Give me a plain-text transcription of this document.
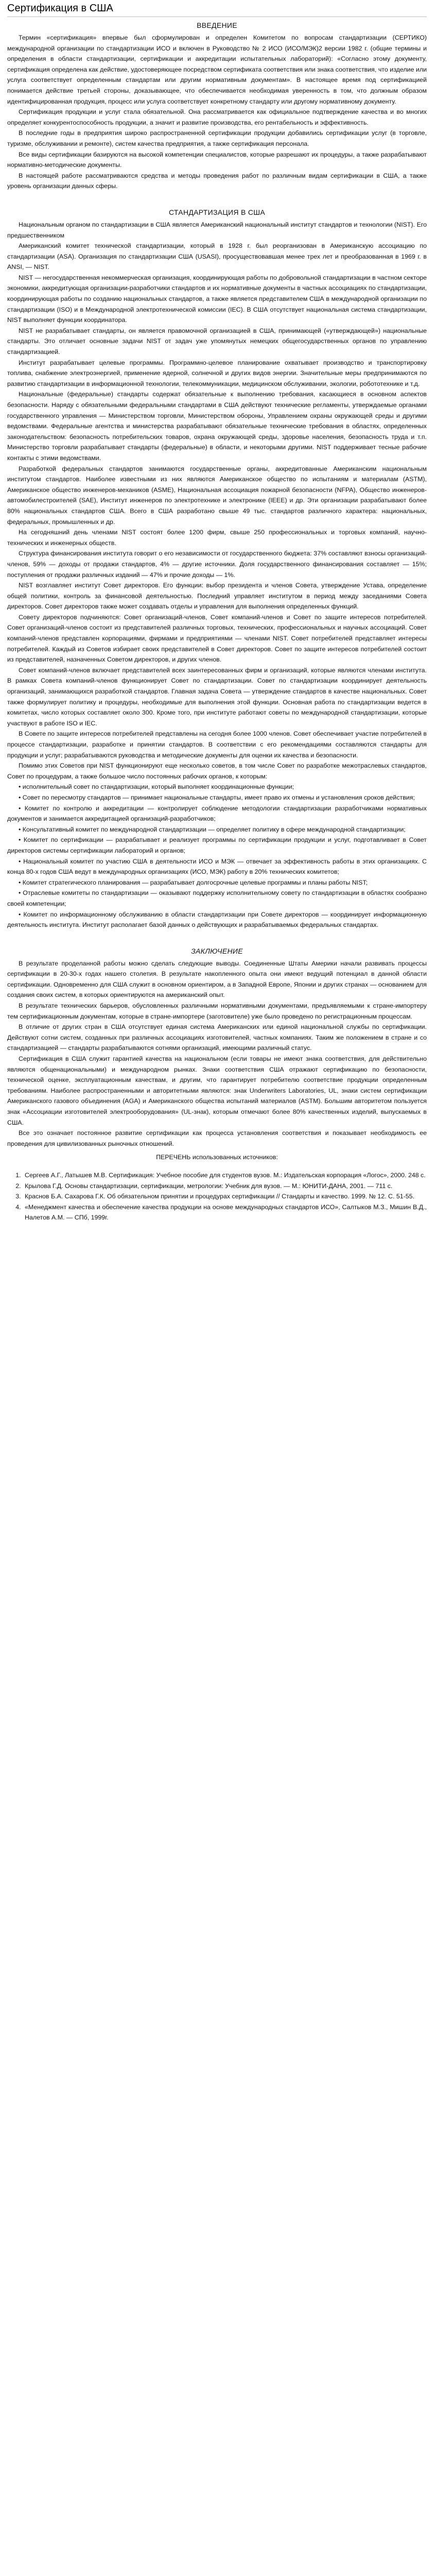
Сертификация в США
ВВЕДЕНИЕ

Термин «сертификация» впервые был сформулирован и определен Комитетом по вопросам стандартизации (СЕРТИКО) международной организации по стандартизации ИСО и включен в Руководство № 2 ИСО (ИСО/МЭК)2 версии 1982 г. (общие термины и определения в области стандартизации, сертификации и аккредитации испытательных лабораторий): «Согласно этому документу, сертификация определена как действие, удостоверяющее посредством сертификата соответствия или знака соответствия, что изделие или услуга соответствует определенным стандартам или другим нормативным документам». В настоящее время под сертификацией понимается действие третьей стороны, доказывающее, что обеспечивается необходимая уверенность в том, что должным образом идентифицированная продукция, процесс или услуга соответствует конкретному стандарту или другому нормативному документу.

Сертификация продукции и услуг стала обязательной. Она рассматривается как официальное подтверждение качества и во многих определяет конкурентоспособность продукции, а значит и развитие производства, его рентабельность и эффективность.

В последние годы в предприятия широко распространенной сертификации продукции добавились сертификации услуг (в торговле, туризме, обслуживании и ремонте), систем качества предприятия, а также сертификация персонала.

Все виды сертификации базируются на высокой компетенции специалистов, которые разрешают их процедуры, а также разрабатывают нормативно-методические документы.

В настоящей работе рассматриваются средства и методы проведения работ по различным видам сертификации в США, а также уровень организации данных сферы.

СТАНДАРТИЗАЦИЯ В США

Национальным органом по стандартизации в США является Американский национальный институт стандартов и технологии (NIST). Его предшественником

Американский комитет технической стандартизации, который в 1928 г. был реорганизован в Американскую ассоциацию по стандартизации (ASA). Организация по стандартизации США (USASI), просуществовавшая менее трех лет и преобразованная в 1969 г. в ANSI, — NIST.

NIST — негосударственная некоммерческая организация, координирующая работы по добровольной стандартизации в частном секторе экономики, аккредитующая организации-разработчики стандартов и их нормативные документы в частных ассоциациях по стандартизации, координирующая работы по созданию национальных стандартов, а также является представителем США в международной организации по стандартизации (ISO) и в Международной электротехнической комиссии (IEC). В США отсутствует национальная система стандартизации, NIST выполняет функции координатора.

NIST не разрабатывает стандарты, он является правомочной организацией в США, принимающей («утверждающей») национальные стандарты. Это отличает основные задачи NIST от задач уже упомянутых немецких общегосударственных органов по управлению стандартизацией.

Институт разрабатывает целевые программы. Программно-целевое планирование охватывает производство и транспортировку топлива, снабжение электроэнергией, применение ядерной, солнечной и других видов энергии. Значительные меры предпринимаются по развитию стандартизации в информационной технологии, телекоммуникации, медицинском обслуживании, экологии, робототехнике и т.д.

Национальные (федеральные) стандарты содержат обязательные к выполнению требования, касающиеся в основном аспектов безопасности. Наряду с обязательными федеральными стандартами в США действуют технические регламенты, утверждаемые органами государственного управления — Министерством торговли, Министерством обороны, Управлением охраны окружающей среды и другими ведомствами. Федеральные агентства и министерства разрабатывают обязательные технические требования в областях, определенных законодательством: безопасность потребительских товаров, охрана окружающей среды, здоровье населения, безопасность труда и т.п. Министерство торговли разрабатывает стандарты (федеральные) в области, и некоторыми другими. NIST поддерживает тесные рабочие контакты с этими ведомствами.

Разработкой федеральных стандартов занимаются государственные органы, аккредитованные Американским национальным институтом стандартов. Наиболее известными из них являются Американское общество по испытаниям и материалам (ASTM), Американское общество инженеров-механиков (ASME), Национальная ассоциация пожарной безопасности (NFPA), Общество инженеров-автомобилестроителей (SAE), Институт инженеров по электротехнике и электронике (IEEE) и др. Эти организации разрабатывают более 80% национальных стандартов США. Всего в США разработано свыше 49 тыс. стандартов различного характера: национальных, федеральных, промышленных и др.

На сегодняшний день членами NIST состоят более 1200 фирм, свыше 250 профессиональных и торговых компаний, научно-технических и инженерных обществ.

Структура финансирования института говорит о его независимости от государственного бюджета: 37% составляют взносы организаций-членов, 59% — доходы от продажи стандартов, 4% — другие источники. Доля государственного финансирования составляет — 15%; поступления от продажи различных изданий — 47% и прочие доходы — 1%.

NIST возглавляет институт Совет директоров. Его функции: выбор президента и членов Совета, утверждение Устава, определение общей политики, контроль за финансовой деятельностью. Последний управляет институтом в период между заседаниями Совета директоров. Совет директоров также может создавать отделы и управления для выполнения определенных функций.

Совету директоров подчиняются: Совет организаций-членов, Совет компаний-членов и Совет по защите интересов потребителей. Совет организаций-членов состоит из представителей различных торговых, технических, профессиональных и научных ассоциаций. Совет компаний-членов представлен корпорациями, фирмами и предприятиями — членами NIST. Совет потребителей представляет интересы потребителей. Каждый из Советов избирает своих представителей в Совет директоров. Совет по защите интересов потребителей состоит из представителей, назначенных Советом директоров, и других членов.

Совет компаний-членов включает представителей всех заинтересованных фирм и организаций, которые являются членами института. В рамках Совета компаний-членов функционирует Совет по стандартизации. Совет по стандартизации координирует деятельность организаций, занимающихся разработкой стандартов. Главная задача Совета — утверждение стандартов в качестве национальных. Совет также формулирует политику и процедуры, необходимые для выполнения этой функции. Основная работа по стандартизации ведется в комитетах, число которых составляет около 300. Кроме того, при институте работают советы по международной стандартизации, которые участвуют в работе ISO и IEC.

В Совете по защите интересов потребителей представлены на сегодня более 1000 членов. Совет обеспечивает участие потребителей в процессе стандартизации, разработке и принятии стандартов. В соответствии с его рекомендациями составляются стандарты для продукции и услуг; разрабатываются руководства и методические документы для оценки их качества и безопасности.

Помимо этих Советов при NIST функционируют еще несколько советов, в том числе Совет по разработке межотраслевых стандартов, Совет по процедурам, а также большое число постоянных рабочих органов, к которым:

• исполнительный совет по стандартизации, который выполняет координационные функции;

• Совет по пересмотру стандартов — принимает национальные стандарты, имеет право их отмены и установления сроков действия;

• Комитет по контролю и аккредитации — контролирует соблюдение методологии стандартизации разработчиками нормативных документов и занимается аккредитацией организаций-разработчиков;

• Консультативный комитет по международной стандартизации — определяет политику в сфере международной стандартизации;

• Комитет по сертификации — разрабатывает и реализует программы по сертификации продукции и услуг, подготавливает в Совет директоров системы сертификации лабораторий и органов;

• Национальный комитет по участию США в деятельности ИСО и МЭК — отвечает за эффективность работы в этих организациях. С конца 80-х годов США ведут в международных организациях (ИСО, МЭК) работу в 20% технических комитетов;

• Комитет стратегического планирования — разрабатывает долгосрочные целевые программы и планы работы NIST;

• Отраслевые комитеты по стандартизации — оказывают поддержку исполнительному совету по стандартизации в областях сообразно своей компетенции;

• Комитет по информационному обслуживанию в области стандартизации при Совете директоров — координирует информационную деятельность института. Институт располагает базой данных о действующих и разрабатываемых федеральных стандартах.

ЗАКЛЮЧЕНИЕ

В результате проделанной работы можно сделать следующие выводы. Соединенные Штаты Америки начали развивать процессы сертификации в 20-30-х годах нашего столетия. В результате накопленного опыта они имеют ведущий потенциал в данной области сертификации. Одновременно для США служит в основном ориентиром, а в Западной Европе, Японии и других странах — основанием для создания своих систем, в которых ориентируются на американский опыт.

В результате технических барьеров, обусловленных различными нормативными документами, предъявляемыми к стране-импортеру тем сертификационным документам, которые в стране-импортере (заготовителе) уже было проведено по регистрационным процессам.

В отличие от других стран в США отсутствует единая система Американских или единой национальной службы по сертификации. Действуют сотни систем, созданных при различных ассоциациях изготовителей, частных компаниях. Таким же положением в стране и со стандартизацией — стандарты разрабатываются сотнями организаций, имеющими различный статус.

Сертификация в США служит гарантией качества на национальном (если товары не имеют знака соответствия, для действительно являются общенациональными) и международном рынках. Знаки соответствия США отражают сертификацию по безопасности, технической оценке, эксплуатационным качествам, и другим, что гарантирует потребителю соответствие продукции определенным требованиям. Наиболее распространенными и авторитетными являются: знак Underwriters Laboratories, UL, знаки систем сертификации Американского газового объединения (AGA) и Американского общества испытаний материалов (ASTM). Большим авторитетом пользуется знак «Ассоциации изготовителей электрооборудования» (UL-знак), которым отмечают более 80% качественных изделий, выпускаемых в США.

Все это означает постоянное развитие сертификации как процесса установления соответствия и показывает необходимость ее проведения для цивилизованных рыночных отношений.

ПЕРЕЧЕНЬ использованных источников:
1. Сергеев А.Г., Латышев М.В. Сертификация: Учебное пособие для студентов вузов. М.: Издательская корпорация «Логос», 2000. 248 с.
2. Крылова Г.Д. Основы стандартизации, сертификации, метрологии: Учебник для вузов. — М.: ЮНИТИ-ДАНА, 2001. — 711 с.
3. Краснов Б.А. Сахарова Г.К. Об обязательном принятии и процедурах сертификации // Стандарты и качество. 1999. № 12. С. 51-55.
4. «Менеджмент качества и обеспечение качества продукции на основе международных стандартов ИСО», Салтыков М.З., Мишин В.Д., Налетов А.М. — СПб, 1999г.
